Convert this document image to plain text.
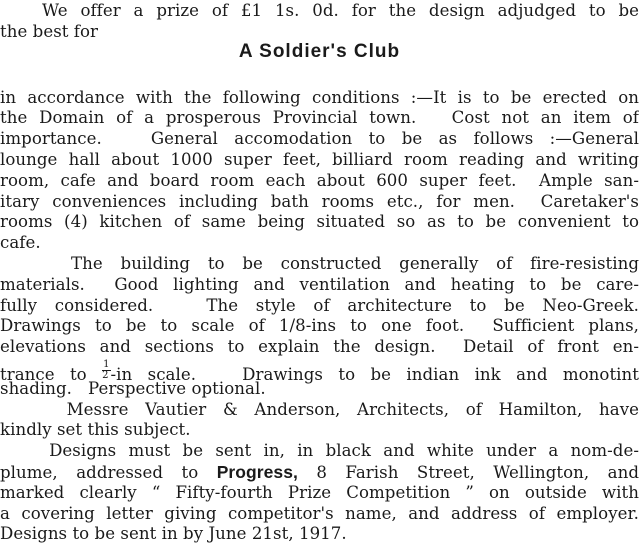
We offer a prize of £1 1s. 0d. for the design adjudged to be
the best for
A Soldier's Club
in accordance with the following conditions :—It is to be erected on
the Domain of a prosperous Provincial town.   Cost not an item of
importance.   General accomodation to be as follows :—General
lounge hall about 1000 super feet, billiard room reading and writing
room, cafe and board room each about 600 super feet.  Ample san-
itary conveniences including bath rooms etc., for men.  Caretaker's
rooms (4) kitchen of same being situated so as to be convenient to
cafe.
The building to be constructed generally of fire-resisting
materials.  Good lighting and ventilation and heating to be care-
fully considered.   The style of architecture to be Neo-Greek.
Drawings to be to scale of 1/8-ins to one foot.  Sufficient plans,
elevations and sections to explain the design.  Detail of front en-
trance to $\frac{1}{2} -in$ scale.   Drawings to be indian ink and monotint
shading.   Perspective optional.
Messre Vautier & Anderson, Architects, of Hamilton, have
kindly set this subject.
Designs must be sent in, in black and white under a nom-de-
plume, addressed to Progress, 8 Farish Street, Wellington, and
marked clearly “ Fifty-fourth Prize Competition ” on outside with
a covering letter giving competitor's name, and address of employer.
Designs to be sent in by June 21st, 1917.
